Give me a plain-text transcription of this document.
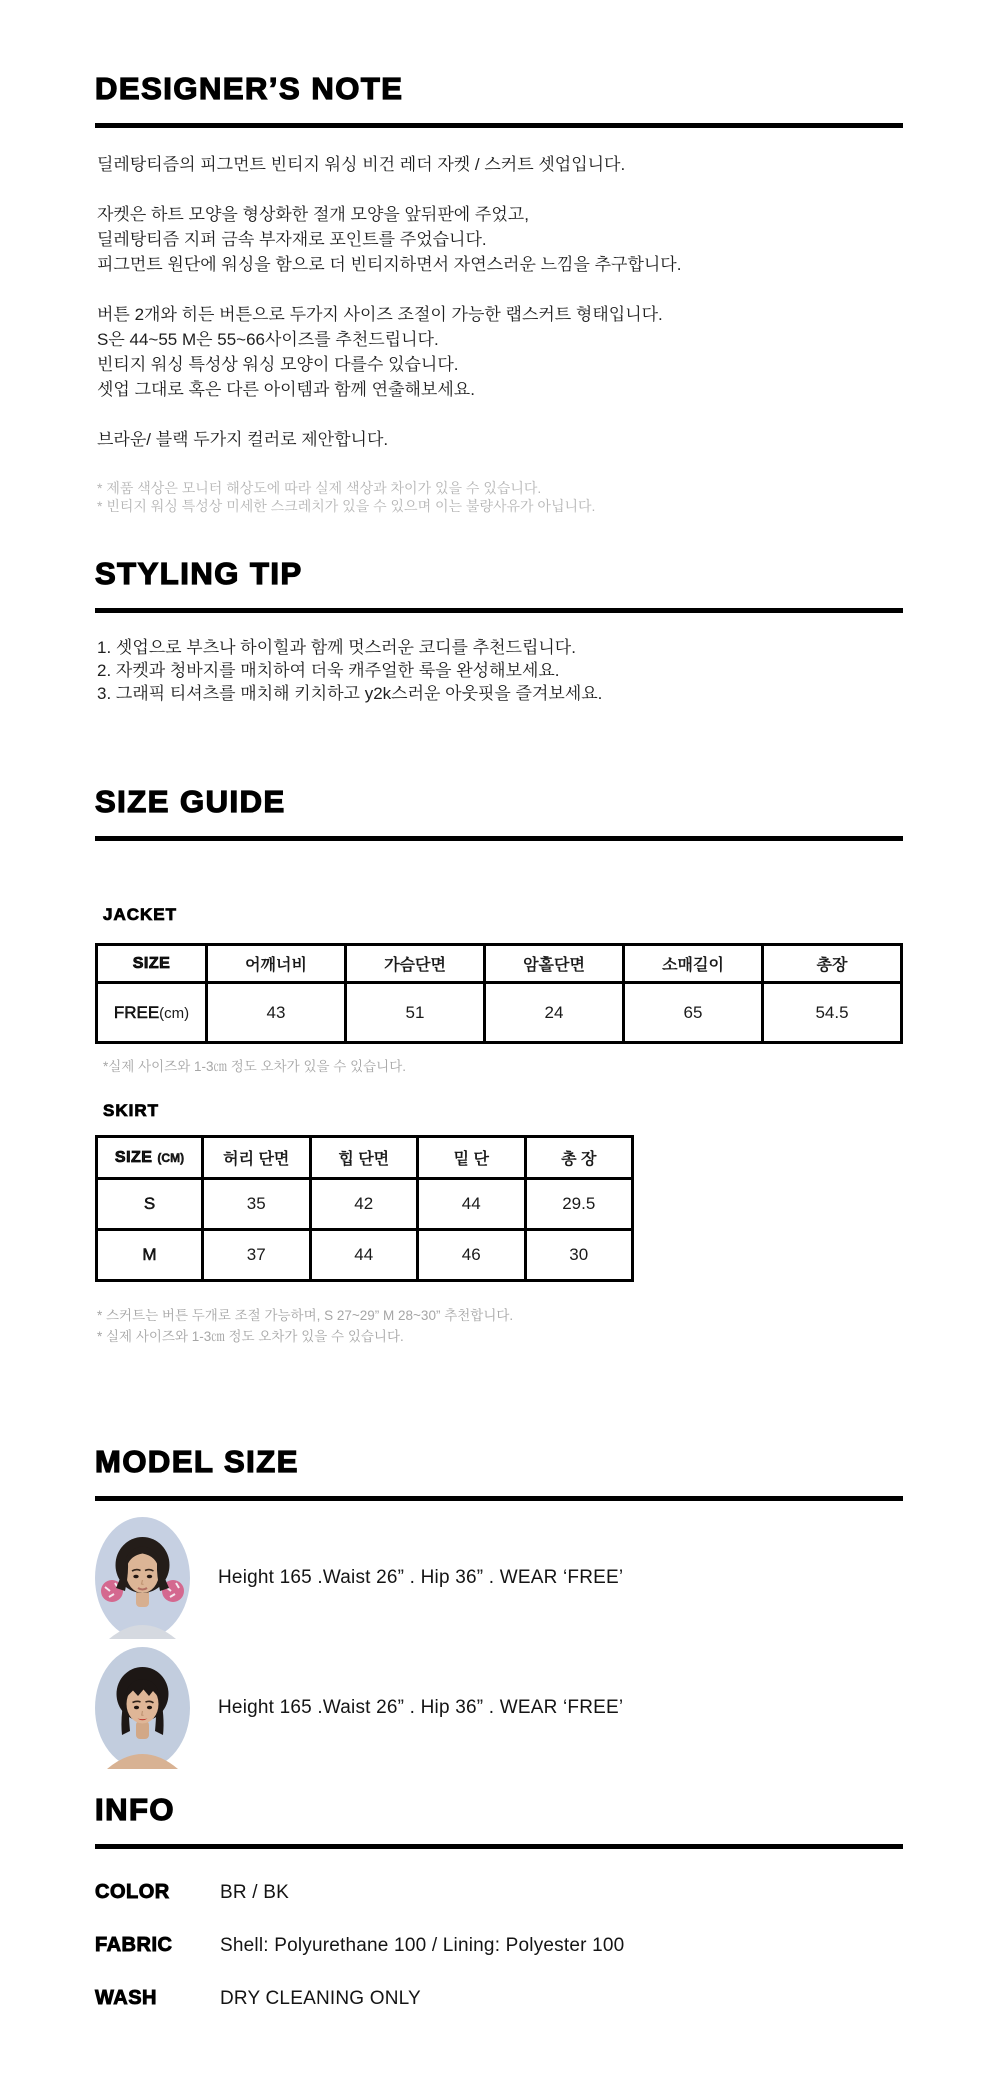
DESIGNER’S NOTE

딜레탕티즘의 피그먼트 빈티지 워싱 비건 레더 자켓 / 스커트 셋업입니다.

자켓은 하트 모양을 형상화한 절개 모양을 앞뒤판에 주었고,
딜레탕티즘 지퍼 금속 부자재로 포인트를 주었습니다.
피그먼트 원단에 워싱을 함으로 더 빈티지하면서 자연스러운 느낌을 추구합니다.

버튼 2개와 히든 버튼으로 두가지 사이즈 조절이 가능한 랩스커트 형태입니다.
S은 44~55 M은 55~66사이즈를 추천드립니다.
빈티지 워싱 특성상 워싱 모양이 다를수 있습니다.
셋업 그대로 혹은 다른 아이템과 함께 연출해보세요.

브라운/ 블랙 두가지 컬러로 제안합니다.

* 제품 색상은 모니터 해상도에 따라 실제 색상과 차이가 있을 수 있습니다.
* 빈티지 워싱 특성상 미세한 스크레치가 있을 수 있으며 이는 불량사유가 아닙니다.

STYLING TIP

1. 셋업으로 부츠나 하이힐과 함께 멋스러운 코디를 추천드립니다.
2. 자켓과 청바지를 매치하여 더욱 캐주얼한 룩을 완성해보세요.
3. 그래픽 티셔츠를 매치해 키치하고 y2k스러운 아웃핏을 즐겨보세요.

SIZE GUIDE
JACKET
SIZE	어깨너비	가슴단면	암홀단면	소매길이	총장
FREE(cm)	43	51	24	65	54.5
*실제 사이즈와 1-3㎝ 정도 오차가 있을 수 있습니다.
SKIRT
SIZE (CM)	허리 단면	힙 단면	밑 단	총 장
S	35	42	44	29.5
M	37	44	46	30

* 스커트는 버튼 두개로 조절 가능하며, S 27~29” M 28~30” 추천합니다.
* 실제 사이즈와 1-3㎝ 정도 오차가 있을 수 있습니다.

MODEL SIZE
Height 165 .Waist 26” . Hip 36” . WEAR ‘FREE’
Height 165 .Waist 26” . Hip 36” . WEAR ‘FREE’
INFO
COLOR	BR / BK
FABRIC	Shell: Polyurethane 100 / Lining: Polyester 100
WASH	DRY CLEANING ONLY
